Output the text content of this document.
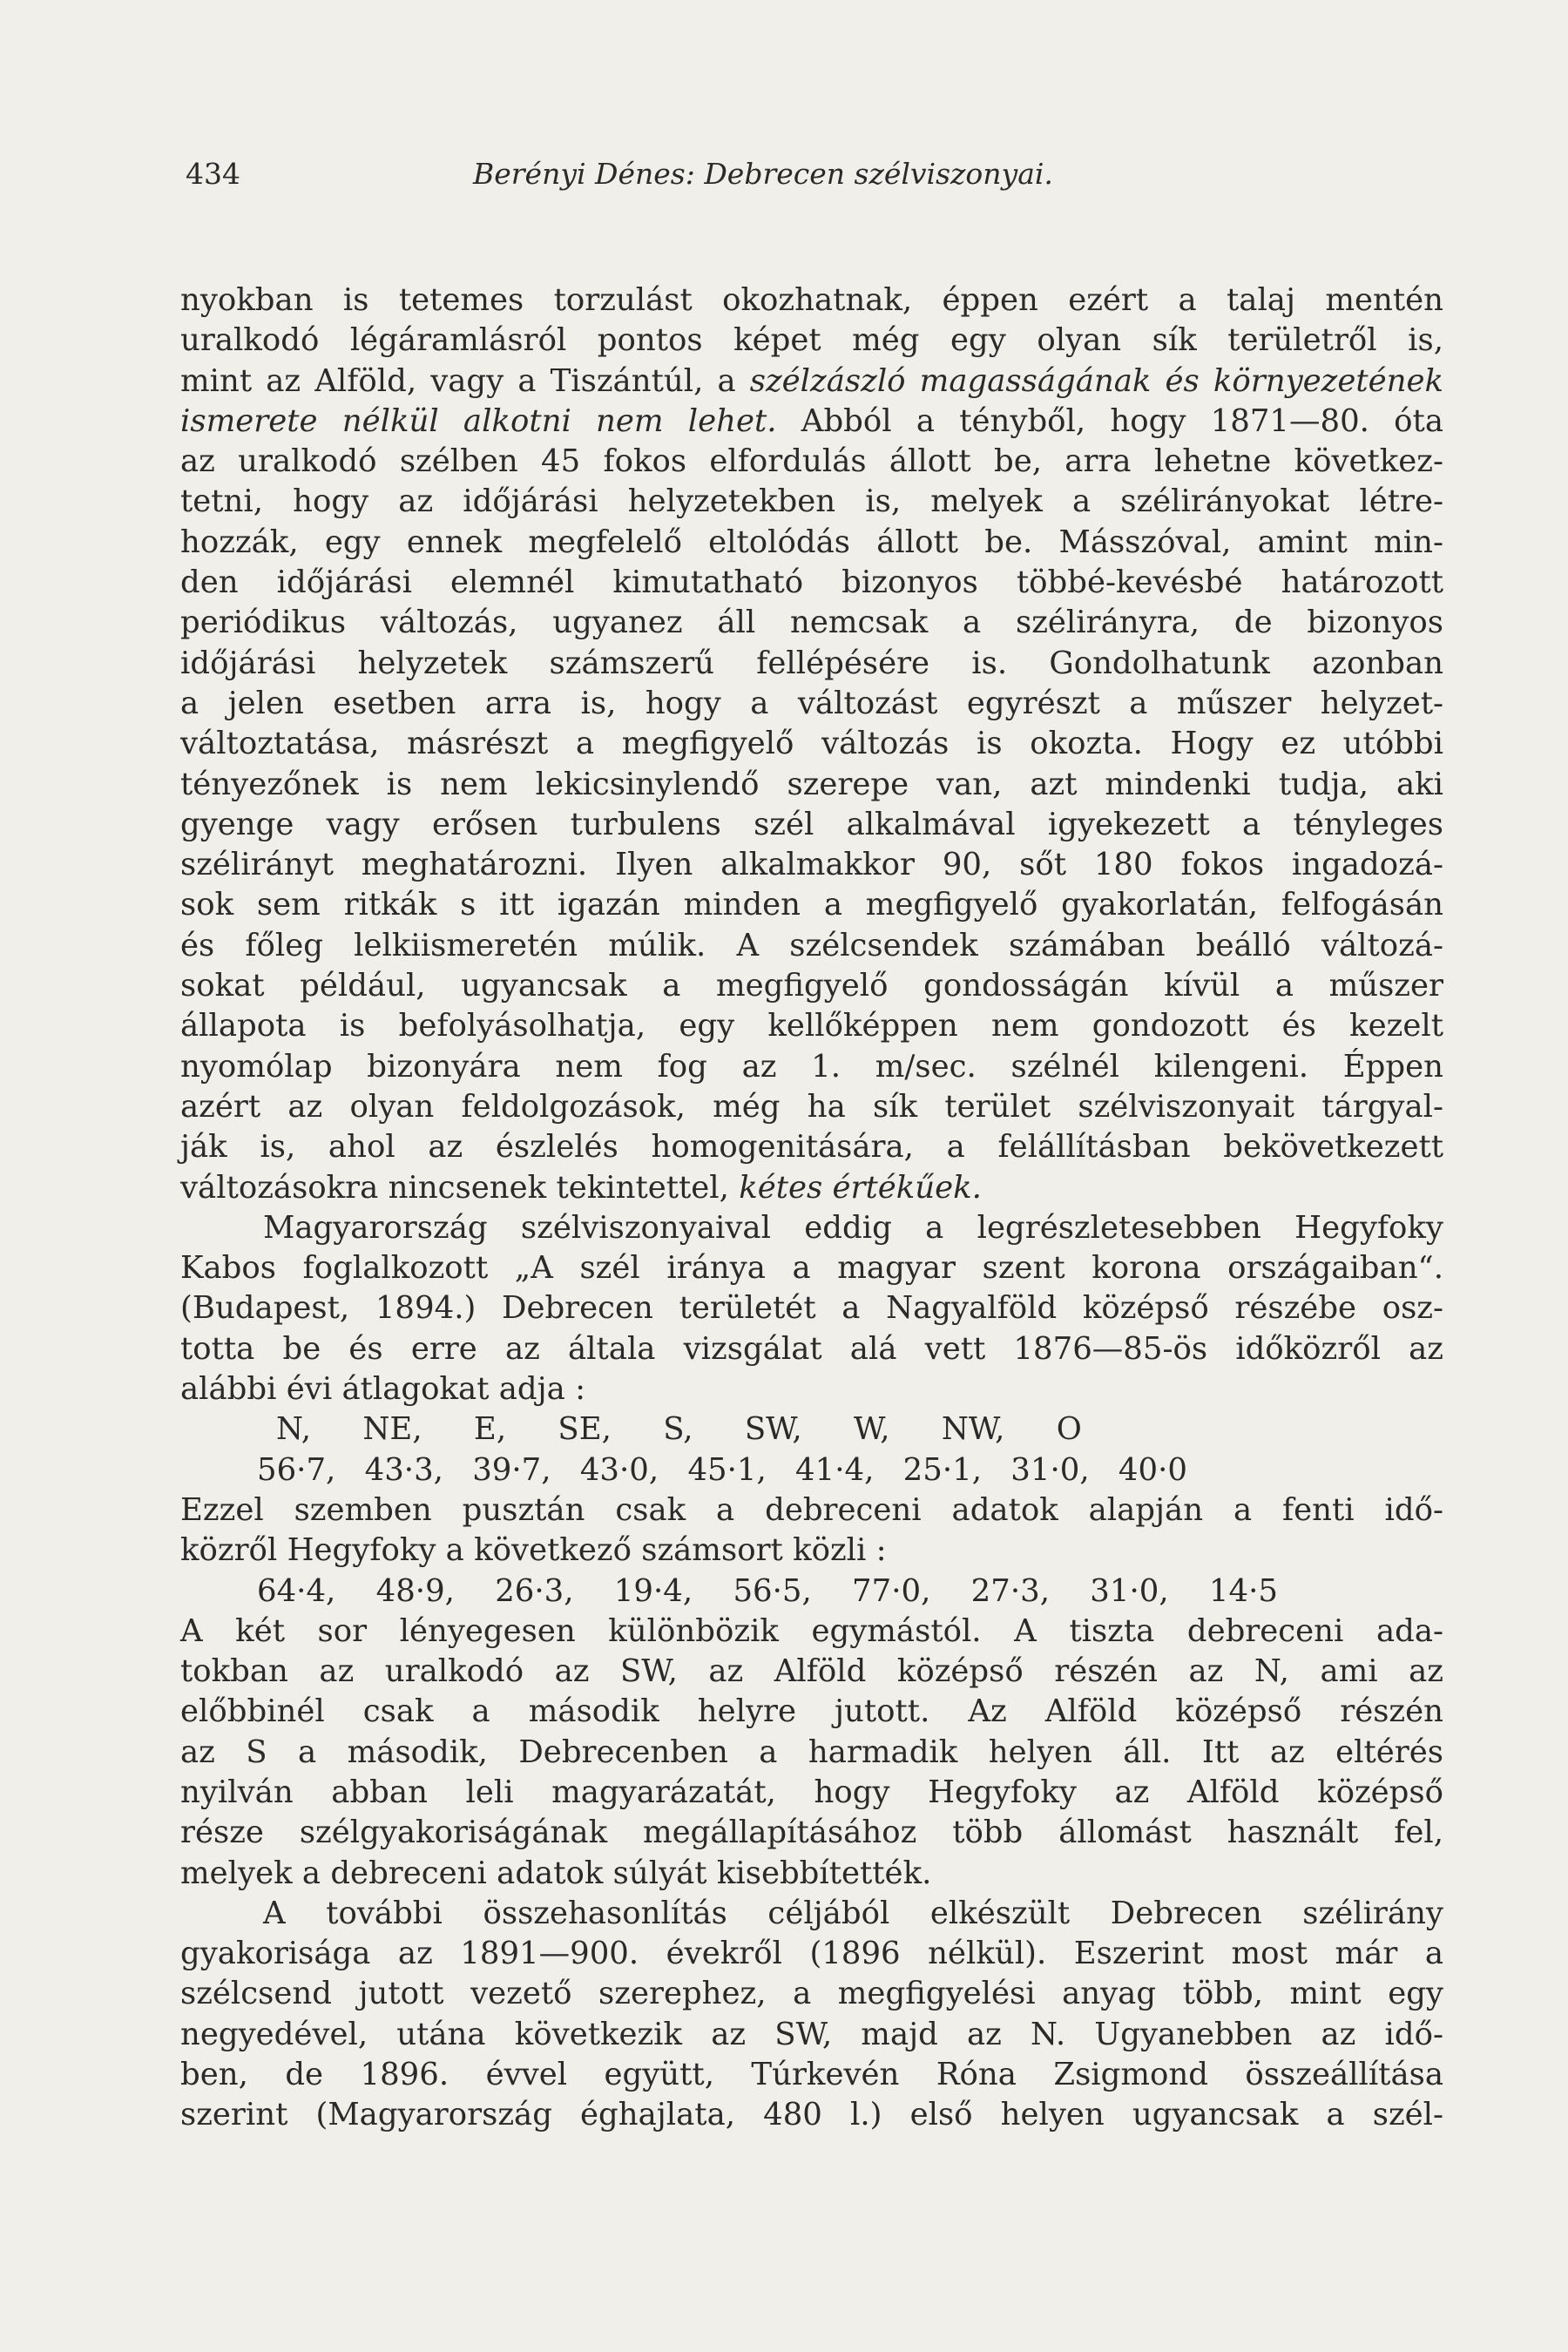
434	Berényi Dénes: Debrecen szélviszonyai.
nyokban is tetemes torzulást okozhatnak, éppen ezért a talaj mentén
uralkodó légáramlásról pontos képet még egy olyan sík területről is,
mint az Alföld, vagy a Tiszántúl, a szélzászló magasságának és környezetének
ismerete nélkül alkotni nem lehet. Abból a tényből, hogy 1871—80. óta
az uralkodó szélben 45 fokos elfordulás állott be, arra lehetne következ-
tetni, hogy az időjárási helyzetekben is, melyek a szélirányokat létre-
hozzák, egy ennek megfelelő eltolódás állott be. Másszóval, amint min-
den időjárási elemnél kimutatható bizonyos többé-kevésbé határozott
periódikus változás, ugyanez áll nemcsak a szélirányra, de bizonyos
időjárási helyzetek számszerű fellépésére is. Gondolhatunk azonban
a jelen esetben arra is, hogy a változást egyrészt a műszer helyzet-
változtatása, másrészt a megfigyelő változás is okozta. Hogy ez utóbbi
tényezőnek is nem lekicsinylendő szerepe van, azt mindenki tudja, aki
gyenge vagy erősen turbulens szél alkalmával igyekezett a tényleges
szélirányt meghatározni. Ilyen alkalmakkor 90, sőt 180 fokos ingadozá-
sok sem ritkák s itt igazán minden a megfigyelő gyakorlatán, felfogásán
és főleg lelkiismeretén múlik. A szélcsendek számában beálló változá-
sokat például, ugyancsak a megfigyelő gondosságán kívül a műszer
állapota is befolyásolhatja, egy kellőképpen nem gondozott és kezelt
nyomólap bizonyára nem fog az 1. m/sec. szélnél kilengeni. Éppen
azért az olyan feldolgozások, még ha sík terület szélviszonyait tárgyal-
ják is, ahol az észlelés homogenitására, a felállításban bekövetkezett
változásokra nincsenek tekintettel, kétes értékűek.
Magyarország szélviszonyaival eddig a legrészletesebben Hegyfoky
Kabos foglalkozott „A szél iránya a magyar szent korona országaiban“.
(Budapest, 1894.) Debrecen területét a Nagyalföld középső részébe osz-
totta be és erre az általa vizsgálat alá vett 1876—85-ös időközről az
alábbi évi átlagokat adja :
N, NE, E, SE, S, SW, W, NW, O
56·7, 43·3, 39·7, 43·0, 45·1, 41·4, 25·1, 31·0, 40·0
Ezzel szemben pusztán csak a debreceni adatok alapján a fenti idő-
közről Hegyfoky a következő számsort közli :
64·4, 48·9, 26·3, 19·4, 56·5, 77·0, 27·3, 31·0, 14·5
A két sor lényegesen különbözik egymástól. A tiszta debreceni ada-
tokban az uralkodó az SW, az Alföld középső részén az N, ami az
előbbinél csak a második helyre jutott. Az Alföld középső részén
az S a második, Debrecenben a harmadik helyen áll. Itt az eltérés
nyilván abban leli magyarázatát, hogy Hegyfoky az Alföld középső
része szélgyakoriságának megállapításához több állomást használt fel,
melyek a debreceni adatok súlyát kisebbítették.
A további összehasonlítás céljából elkészült Debrecen szélirány
gyakorisága az 1891—900. évekről (1896 nélkül). Eszerint most már a
szélcsend jutott vezető szerephez, a megfigyelési anyag több, mint egy
negyedével, utána következik az SW, majd az N. Ugyanebben az idő-
ben, de 1896. évvel együtt, Túrkevén Róna Zsigmond összeállítása
szerint (Magyarország éghajlata, 480 l.) első helyen ugyancsak a szél-
